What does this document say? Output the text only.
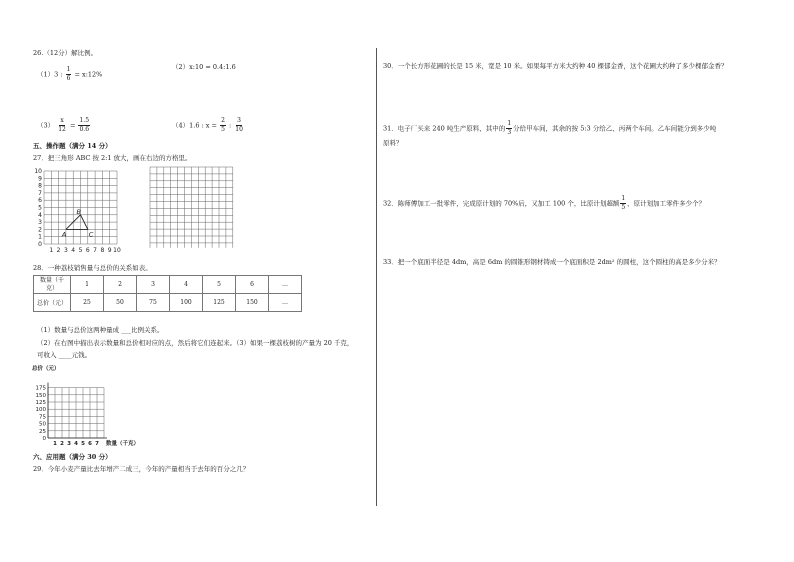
26.（12分）解比例。
（1）3 : $\frac{1}{6}$ = x:12%
（2）x:10 = 0.4:1.6
$(3) \frac{x}{12} = \frac{1.5}{0.6}$	（4）1.6 : $x = \frac{2}{5}$ : $\frac{3}{10}$
五、操作题（满分 14 分）
27．把三角形 ABC 按 2:1 放大，画在右边的方格里。
10
9
8
7
6
5
4
3
2
1
0
1 2 3 4 5 6 7 8 9 10
A
B
C
28．一种荔枝销售量与总价的关系如表。
数量（千
克）	1	2	3	4	5	6	…
总价（元）	25	50	75	100	125	150	…
（1）数量与总价这两种量成 ___比例关系。
（2）在右图中描出表示数量和总价相对应的点，然后将它们连起来。（3）如果一棵荔枝树的产量为 20 千克，
可收入 ____元钱。
总价（元）
175
150
125
100
75
50
25
0
1 2 3 4 5 6 7 数量（千克）
六、应用题（满分 30 分）
29．今年小麦产量比去年增产二成三，今年的产量相当于去年的百分之几？
30．一个长方形花圃的长是 15 米，宽是 10 米。如果每平方米大约种 40 棵郁金香，这个花圃大约种了多少棵郁金香？
31．电子厂买来 240 吨生产原料，其中的 $\frac{1}{3}$ 分给甲车间，其余的按 5:3 分给乙、丙两个车间。乙车间能分到多少吨
原料？
32．陈师傅加工一批零件，完成原计划的 70%后，又加工 100 个，比原计划超额 $\frac{1}{5}$ ，原计划加工零件多少个？
33．把一个底面半径是 4dm，高是 6dm 的圆锥形钢材铸成一个底面积是 2dm² 的圆柱，这个圆柱的高是多少分米？
